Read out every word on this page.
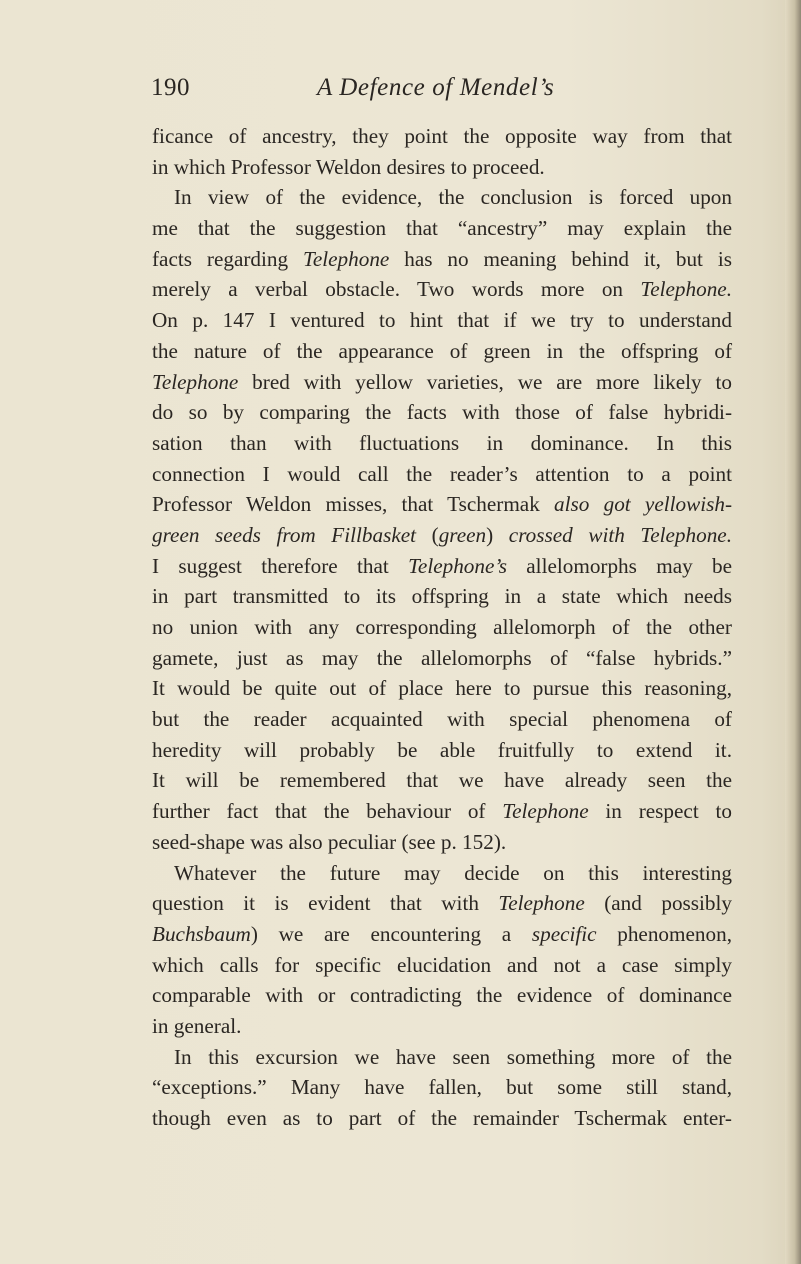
190	A Defence of Mendel’s
ficance of ancestry, they point the opposite way from that
in which Professor Weldon desires to proceed.
In view of the evidence, the conclusion is forced upon
me that the suggestion that “ancestry” may explain the
facts regarding Telephone has no meaning behind it, but is
merely a verbal obstacle. Two words more on Telephone.
On p. 147 I ventured to hint that if we try to understand
the nature of the appearance of green in the offspring of
Telephone bred with yellow varieties, we are more likely to
do so by comparing the facts with those of false hybridi-
sation than with fluctuations in dominance. In this
connection I would call the reader’s attention to a point
Professor Weldon misses, that Tschermak also got yellowish-
green seeds from Fillbasket (green) crossed with Telephone.
I suggest therefore that Telephone’s allelomorphs may be
in part transmitted to its offspring in a state which needs
no union with any corresponding allelomorph of the other
gamete, just as may the allelomorphs of “false hybrids.”
It would be quite out of place here to pursue this reasoning,
but the reader acquainted with special phenomena of
heredity will probably be able fruitfully to extend it.
It will be remembered that we have already seen the
further fact that the behaviour of Telephone in respect to
seed-shape was also peculiar (see p. 152).
Whatever the future may decide on this interesting
question it is evident that with Telephone (and possibly
Buchsbaum) we are encountering a specific phenomenon,
which calls for specific elucidation and not a case simply
comparable with or contradicting the evidence of dominance
in general.
In this excursion we have seen something more of the
“exceptions.” Many have fallen, but some still stand,
though even as to part of the remainder Tschermak enter-
